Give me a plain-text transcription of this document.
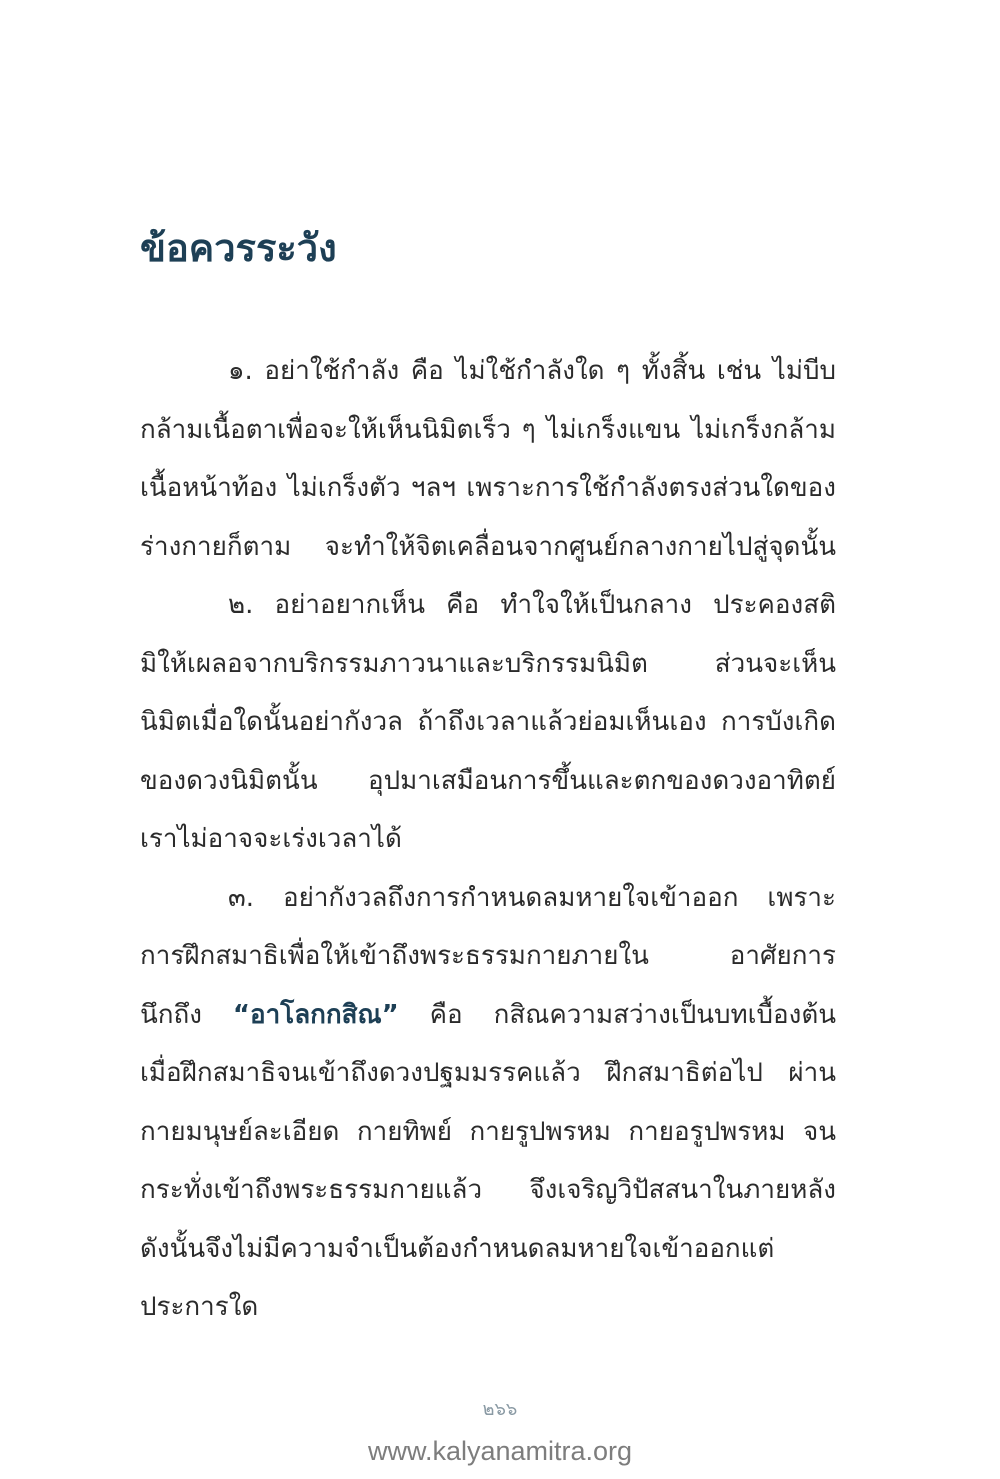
ข้อควรระวัง
๑. อย่าใช้กำลัง คือ ไม่ใช้กำลังใด ๆ ทั้งสิ้น เช่น ไม่บีบ
กล้ามเนื้อตาเพื่อจะให้เห็นนิมิตเร็ว ๆ ไม่เกร็งแขน ไม่เกร็งกล้าม
เนื้อหน้าท้อง ไม่เกร็งตัว ฯลฯ เพราะการใช้กำลังตรงส่วนใดของ
ร่างกายก็ตาม จะทำให้จิตเคลื่อนจากศูนย์กลางกายไปสู่จุดนั้น
๒. อย่าอยากเห็น คือ ทำใจให้เป็นกลาง ประคองสติ
มิให้เผลอจากบริกรรมภาวนาและบริกรรมนิมิต ส่วนจะเห็น
นิมิตเมื่อใดนั้นอย่ากังวล ถ้าถึงเวลาแล้วย่อมเห็นเอง การบังเกิด
ของดวงนิมิตนั้น อุปมาเสมือนการขึ้นและตกของดวงอาทิตย์
เราไม่อาจจะเร่งเวลาได้
๓. อย่ากังวลถึงการกำหนดลมหายใจเข้าออก เพราะ
การฝึกสมาธิเพื่อให้เข้าถึงพระธรรมกายภายใน อาศัยการ
นึกถึง “อาโลกกสิณ” คือ กสิณความสว่างเป็นบทเบื้องต้น
เมื่อฝึกสมาธิจนเข้าถึงดวงปฐมมรรคแล้ว ฝึกสมาธิต่อไป ผ่าน
กายมนุษย์ละเอียด กายทิพย์ กายรูปพรหม กายอรูปพรหม จน
กระทั่งเข้าถึงพระธรรมกายแล้ว จึงเจริญวิปัสสนาในภายหลัง
ดังนั้นจึงไม่มีความจำเป็นต้องกำหนดลมหายใจเข้าออกแต่
ประการใด
๒๖๖
www.kalyanamitra.org
